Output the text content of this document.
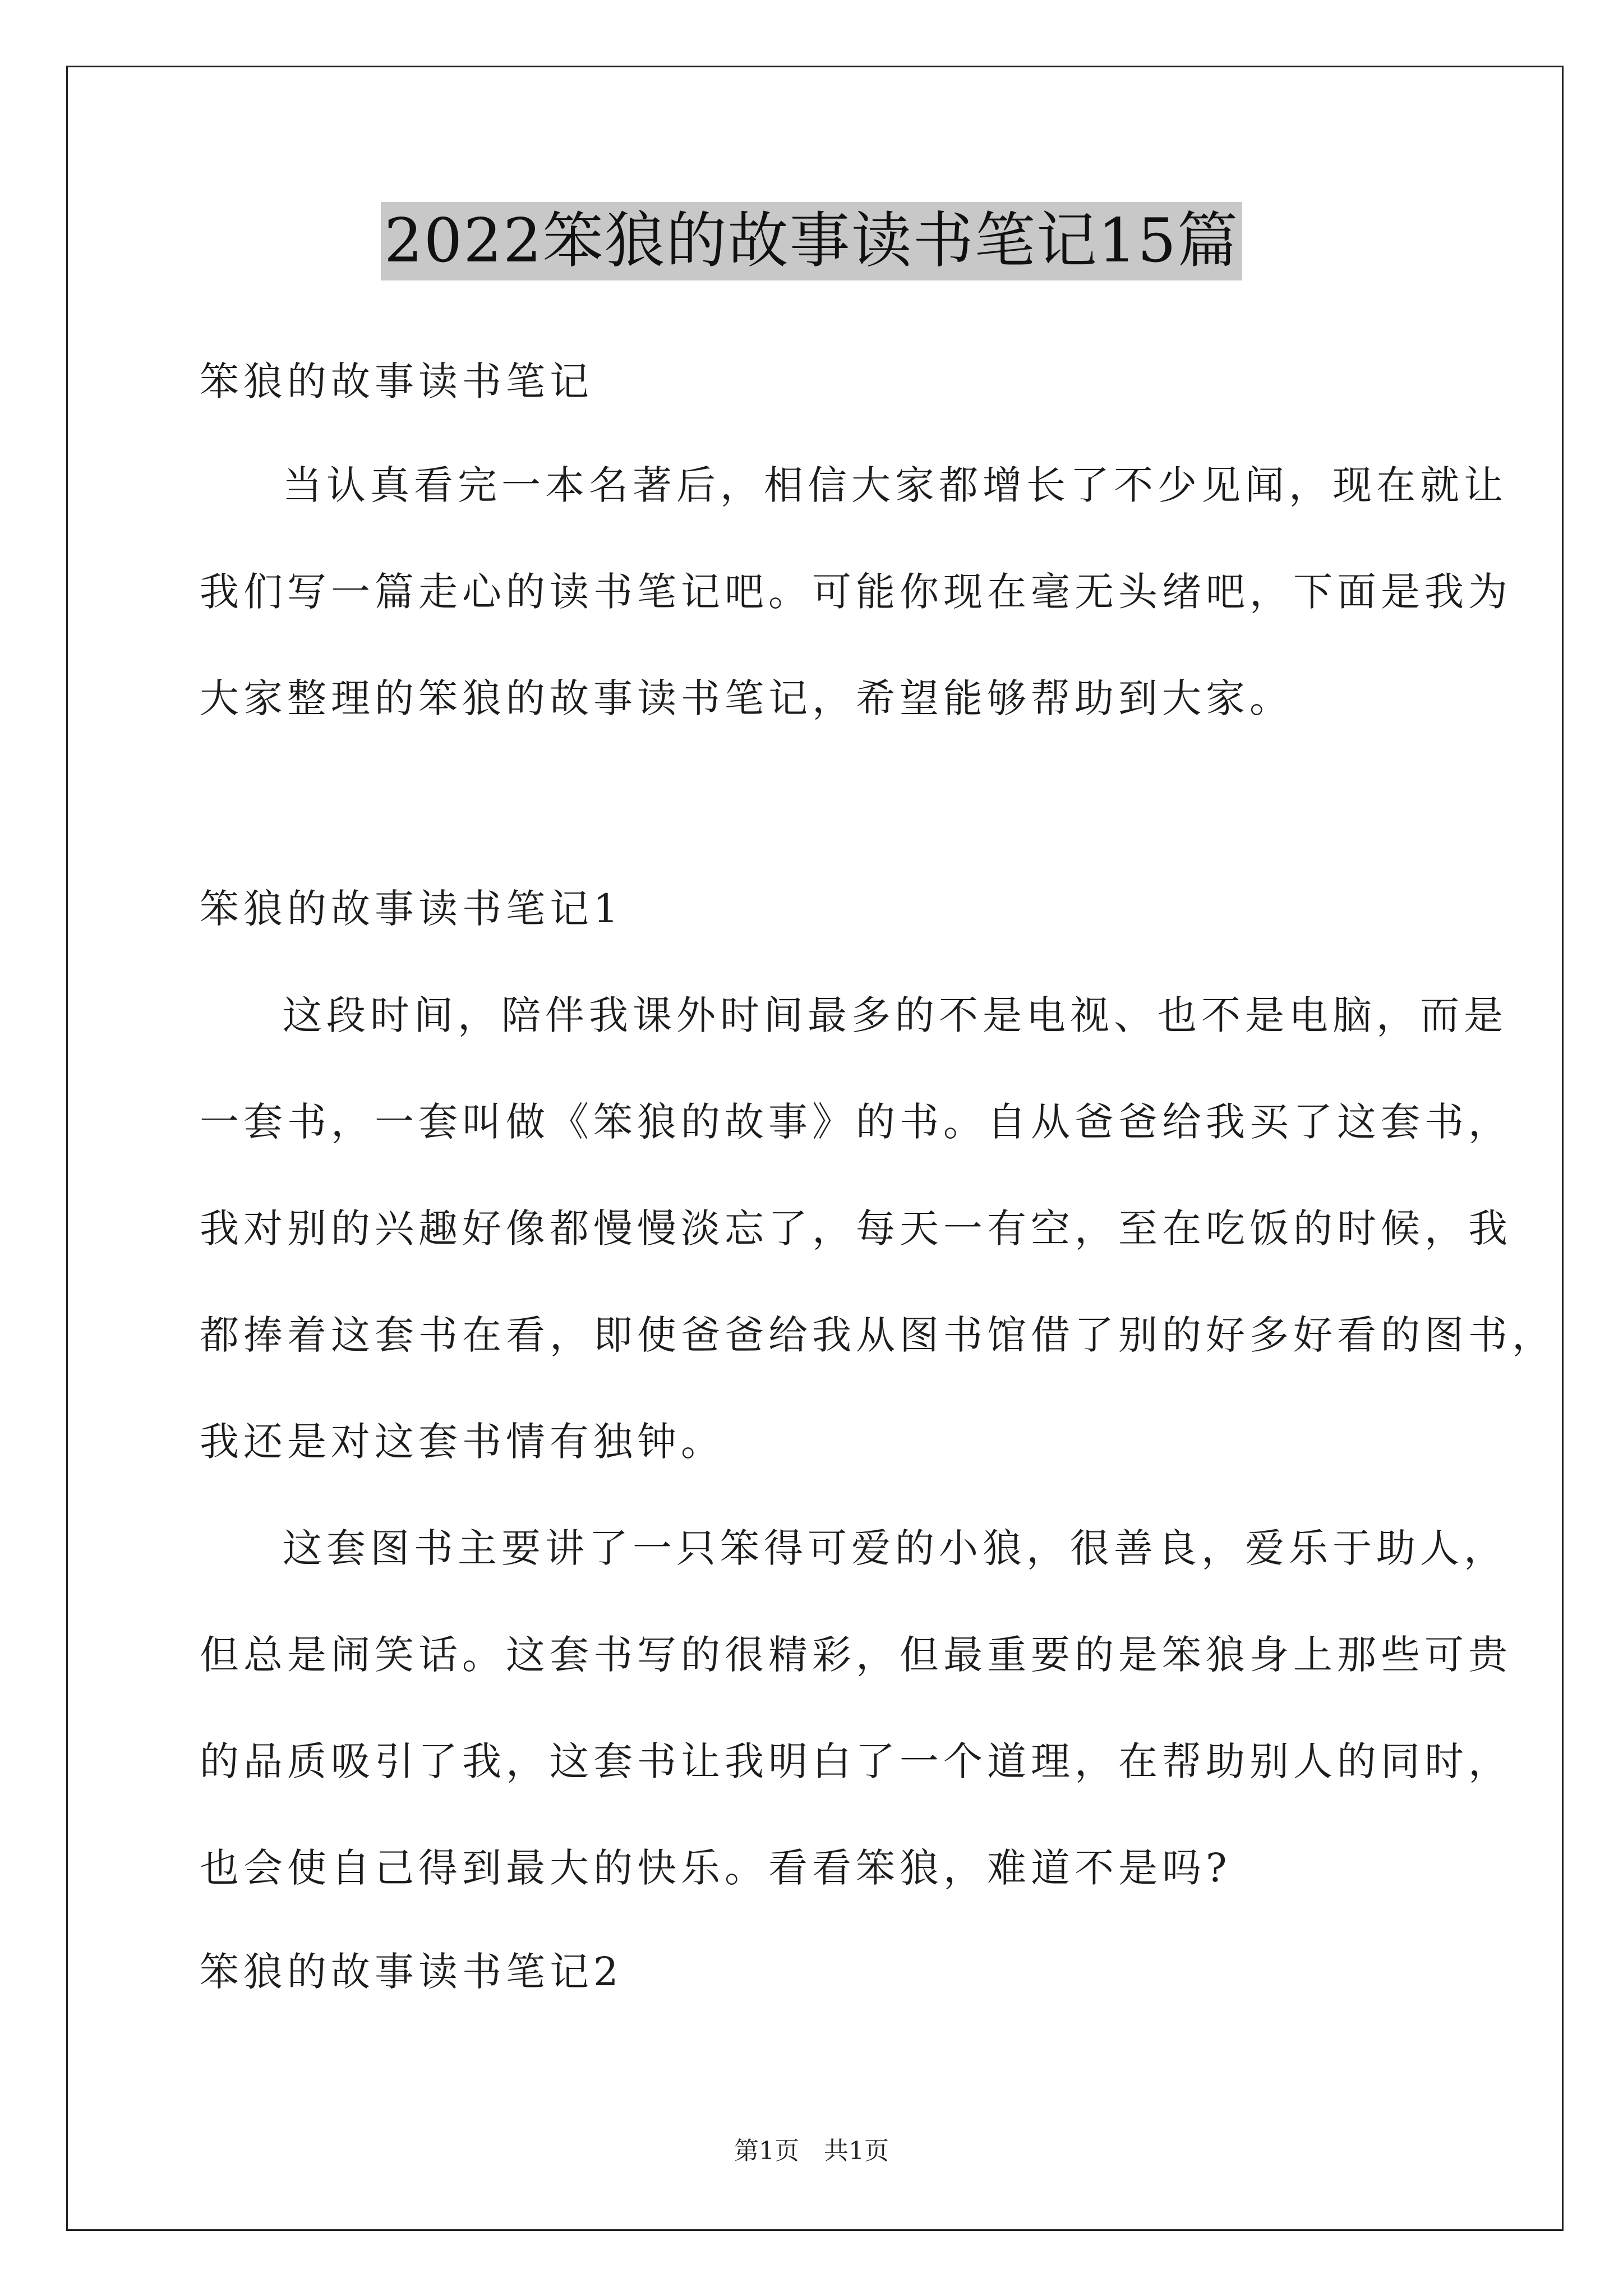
2022笨狼的故事读书笔记15篇
笨狼的故事读书笔记
当认真看完一本名著后，相信大家都增长了不少见闻，现在就让
我们写一篇走心的读书笔记吧。可能你现在毫无头绪吧，下面是我为
大家整理的笨狼的故事读书笔记，希望能够帮助到大家。
笨狼的故事读书笔记1
这段时间，陪伴我课外时间最多的不是电视、也不是电脑，而是
一套书，一套叫做《笨狼的故事》的书。自从爸爸给我买了这套书，
我对别的兴趣好像都慢慢淡忘了，每天一有空，至在吃饭的时候，我
都捧着这套书在看，即使爸爸给我从图书馆借了别的好多好看的图书，
我还是对这套书情有独钟。
这套图书主要讲了一只笨得可爱的小狼，很善良，爱乐于助人，
但总是闹笑话。这套书写的很精彩，但最重要的是笨狼身上那些可贵
的品质吸引了我，这套书让我明白了一个道理，在帮助别人的同时，
也会使自己得到最大的快乐。看看笨狼，难道不是吗?
笨狼的故事读书笔记2
第1页 共1页
